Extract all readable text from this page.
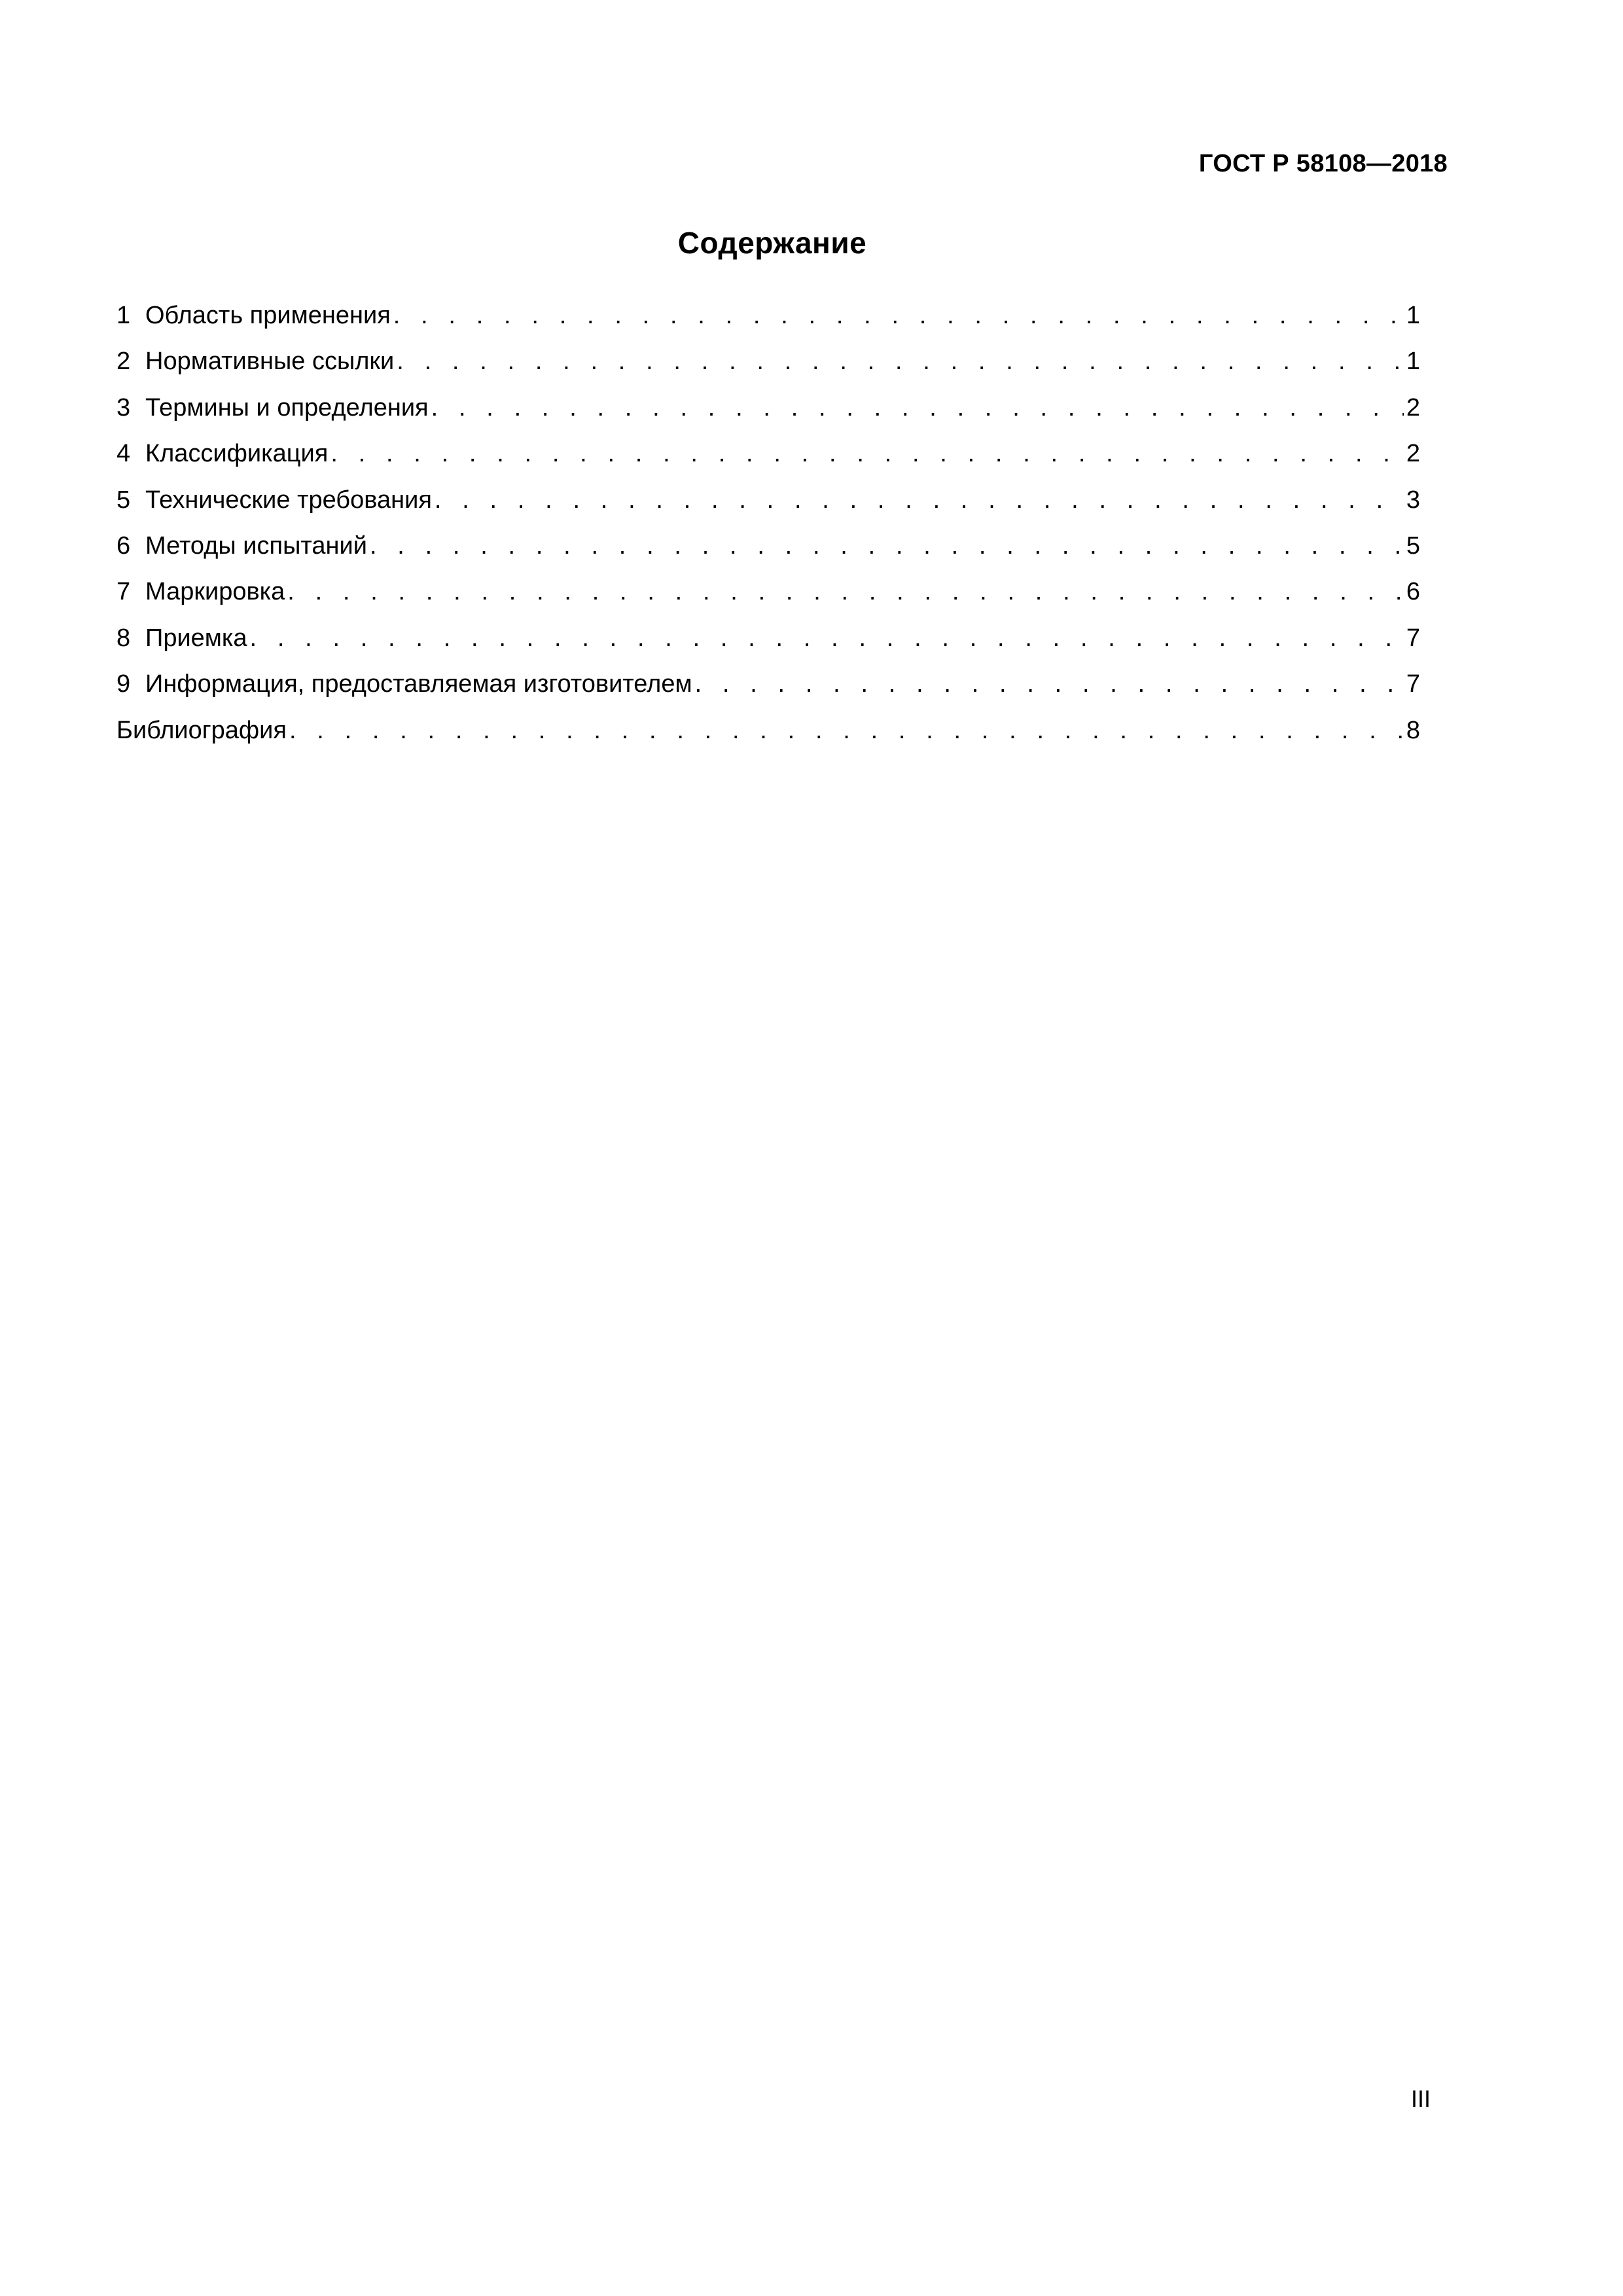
ГОСТ Р 58108—2018
Содержание
1 Область применения . . .	1
2 Нормативные ссылки . . .	1
3 Термины и определения . . .	2
4 Классификация . . .	2
5 Технические требования . . .	3
6 Методы испытаний . . .	5
7 Маркировка . . .	6
8 Приемка . . .	7
9 Информация, предоставляемая изготовителем . . .	7
Библиография . . .	8
III
